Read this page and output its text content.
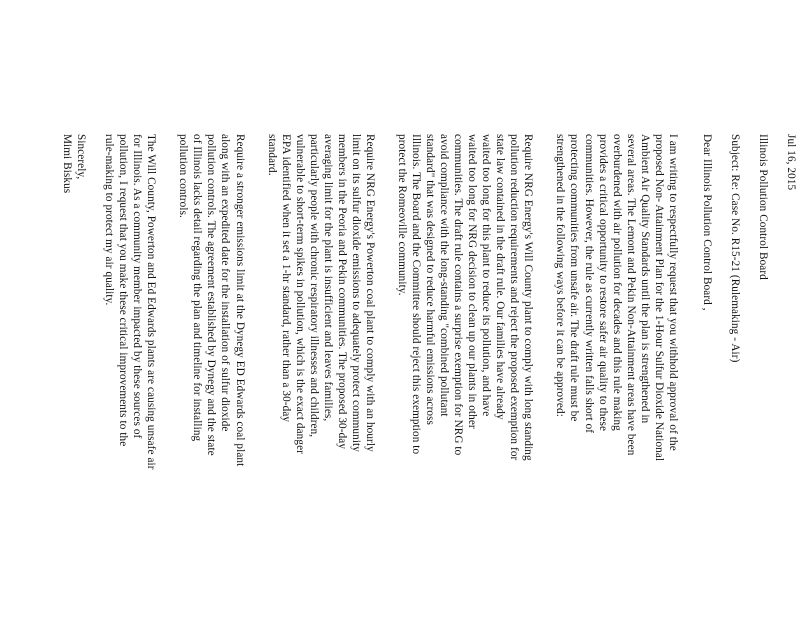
Jul 16, 2015
Illinois Pollution Control Board
Subject: Re: Case No. R15-21 (Rulemaking - Air)
Dear Illinois Pollution Control Board ,
I am writing to respectfully request that you withhold approval of the
proposed Non- Attainment Plan for the 1-Hour Sulfur Dioxide National
Ambient Air Quality Standards until the plan is strengthened in
several areas. The Lemont and Pekin Non-Attainment areas have been
overburdened with air pollution for decades and this rule making
provides a critical opportunity to restore safer air quality to these
communities. However, the rule as currently written falls short of
protecting communities from unsafe air. The draft rule must be
strengthened in the following ways before it can be approved:
Require NRG Energy's Will County plant to comply with long standing
pollution reduction requirements and reject the proposed exemption for
state law contained in the draft rule. Our families have already
waited too long for this plant to reduce its pollution, and have
waited too long for NRG decision to clean up our plants in other
communities. The draft rule contains a surprise exemption for NRG to
avoid compliance with the long-standing "combined pollutant
standard" that was designed to reduce harmful emissions across
Illinois. The Board and the Committee should reject this exemption to
protect the Romeoville community.
Require NRG Energy's Powerton coal plant to comply with an hourly
limit on its sulfur dioxide emissions to adequately protect community
members in the Peoria and Pekin communities. The proposed 30-day
averaging limit for the plant is insufficient and leaves families,
particularly people with chronic respiratory illnesses and children,
vulnerable to short-term spikes in pollution, which is the exact danger
EPA identified when it set a 1-hr standard, rather than a 30-day
standard.
Require a stronger emissions limit at the Dynegy ED Edwards coal plant
along with an expedited date for the installation of sulfur dioxide
pollution controls. The agreement established by Dynegy and the state
of Illinois lacks detail regarding the plan and timeline for installing
pollution controls.
The Will County, Powerton and Ed Edwards plants are causing unsafe air
for Illinois. As a community member impacted by these sources of
pollution, I request that you make these critical improvements to the
rule-making to protect my air quality.
Sincerely,
Mimi Biskus
